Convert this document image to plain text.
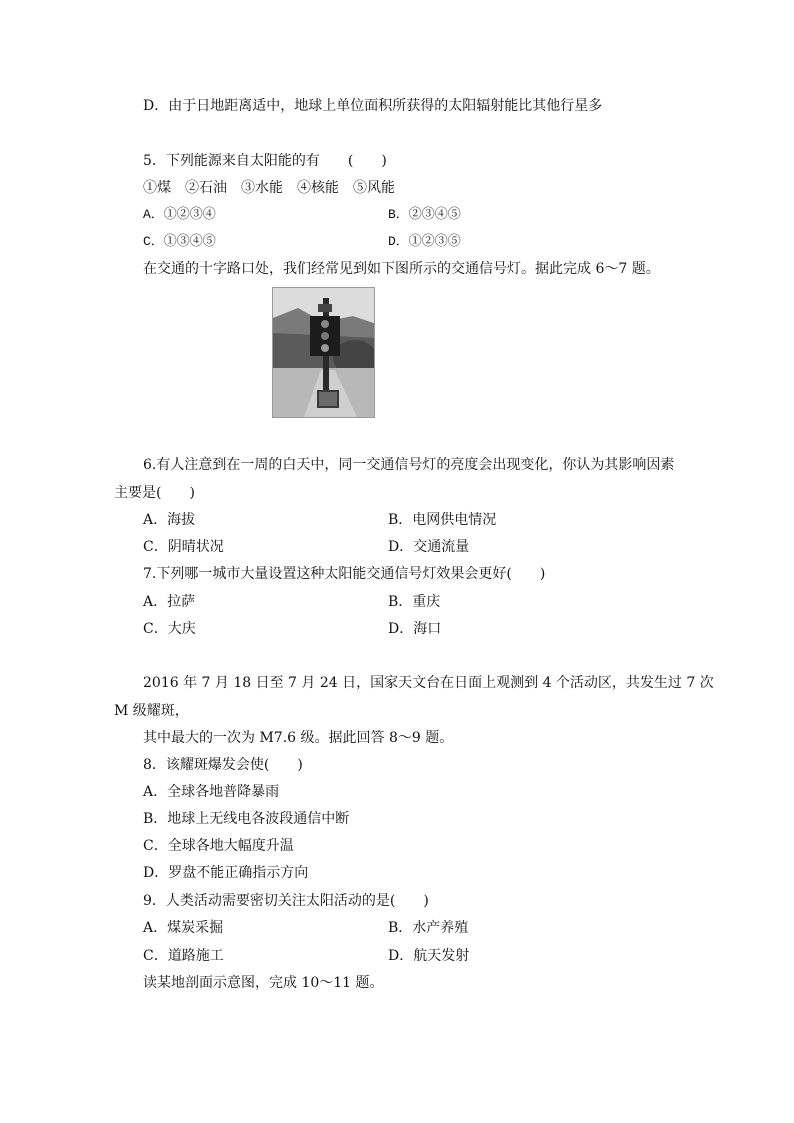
D．由于日地距离适中，地球上单位面积所获得的太阳辐射能比其他行星多
5．下列能源来自太阳能的有　　(　　)
①煤　②石油　③水能　④核能　⑤风能
A．①②③④	B．②③④⑤
C．①③④⑤	D．①②③⑤
在交通的十字路口处，我们经常见到如下图所示的交通信号灯。据此完成 6～7 题。
6.有人注意到在一周的白天中，同一交通信号灯的亮度会出现变化，你认为其影响因素
主要是(　　)
A．海拔	B．电网供电情况
C．阴晴状况	D．交通流量
7.下列哪一城市大量设置这种太阳能交通信号灯效果会更好(　　)
A．拉萨	B．重庆
C．大庆	D．海口
2016 年 7 月 18 日至 7 月 24 日，国家天文台在日面上观测到 4 个活动区，共发生过 7 次
M 级耀斑，
其中最大的一次为 M7.6 级。据此回答 8～9 题。
8．该耀斑爆发会使(　　)
A．全球各地普降暴雨
B．地球上无线电各波段通信中断
C．全球各地大幅度升温
D．罗盘不能正确指示方向
9．人类活动需要密切关注太阳活动的是(　　)
A．煤炭采掘	B．水产养殖
C．道路施工	D．航天发射
读某地剖面示意图，完成 10～11 题。
